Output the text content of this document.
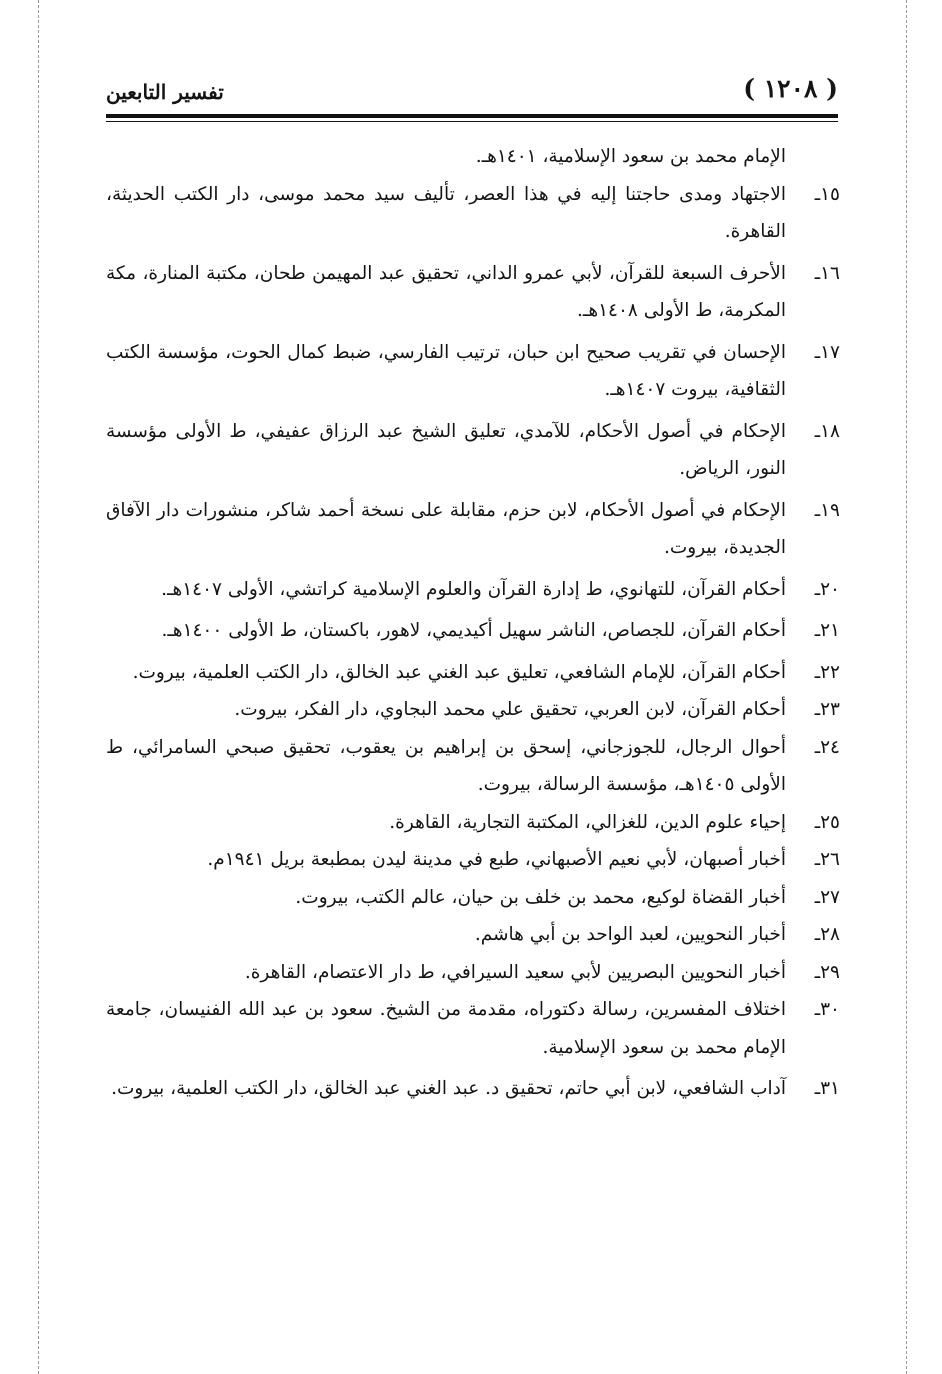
( ١٢٠٨ )
تفسير التابعين
الإمام محمد بن سعود الإسلامية، ١٤٠١هـ.
١٥ـ
الاجتهاد ومدى حاجتنا إليه في هذا العصر، تأليف سيد محمد موسى، دار الكتب الحديثة، القاهرة.
١٦ـ
الأحرف السبعة للقرآن، لأبي عمرو الداني، تحقيق عبد المهيمن طحان، مكتبة المنارة، مكة المكرمة، ط الأولى ١٤٠٨هـ.
١٧ـ
الإحسان في تقريب صحيح ابن حبان، ترتيب الفارسي، ضبط كمال الحوت، مؤسسة الكتب الثقافية، بيروت ١٤٠٧هـ.
١٨ـ
الإحكام في أصول الأحكام، للآمدي، تعليق الشيخ عبد الرزاق عفيفي، ط الأولى مؤسسة النور، الرياض.
١٩ـ
الإحكام في أصول الأحكام، لابن حزم، مقابلة على نسخة أحمد شاكر، منشورات دار الآفاق الجديدة، بيروت.
٢٠ـ
أحكام القرآن، للتهانوي، ط إدارة القرآن والعلوم الإسلامية كراتشي، الأولى ١٤٠٧هـ.
٢١ـ
أحكام القرآن، للجصاص، الناشر سهيل أكيديمي، لاهور، باكستان، ط الأولى ١٤٠٠هـ.
٢٢ـ
أحكام القرآن، للإمام الشافعي، تعليق عبد الغني عبد الخالق، دار الكتب العلمية، بيروت.
٢٣ـ
أحكام القرآن، لابن العربي، تحقيق علي محمد البجاوي، دار الفكر، بيروت.
٢٤ـ
أحوال الرجال، للجوزجاني، إسحق بن إبراهيم بن يعقوب، تحقيق صبحي السامرائي، ط الأولى ١٤٠٥هـ، مؤسسة الرسالة، بيروت.
٢٥ـ
إحياء علوم الدين، للغزالي، المكتبة التجارية، القاهرة.
٢٦ـ
أخبار أصبهان، لأبي نعيم الأصبهاني، طبع في مدينة ليدن بمطبعة بريل ١٩٤١م.
٢٧ـ
أخبار القضاة لوكيع، محمد بن خلف بن حيان، عالم الكتب، بيروت.
٢٨ـ
أخبار النحويين، لعبد الواحد بن أبي هاشم.
٢٩ـ
أخبار النحويين البصريين لأبي سعيد السيرافي، ط دار الاعتصام، القاهرة.
٣٠ـ
اختلاف المفسرين، رسالة دكتوراه، مقدمة من الشيخ. سعود بن عبد الله الفنيسان، جامعة الإمام محمد بن سعود الإسلامية.
٣١ـ
آداب الشافعي، لابن أبي حاتم، تحقيق د. عبد الغني عبد الخالق، دار الكتب العلمية، بيروت.
